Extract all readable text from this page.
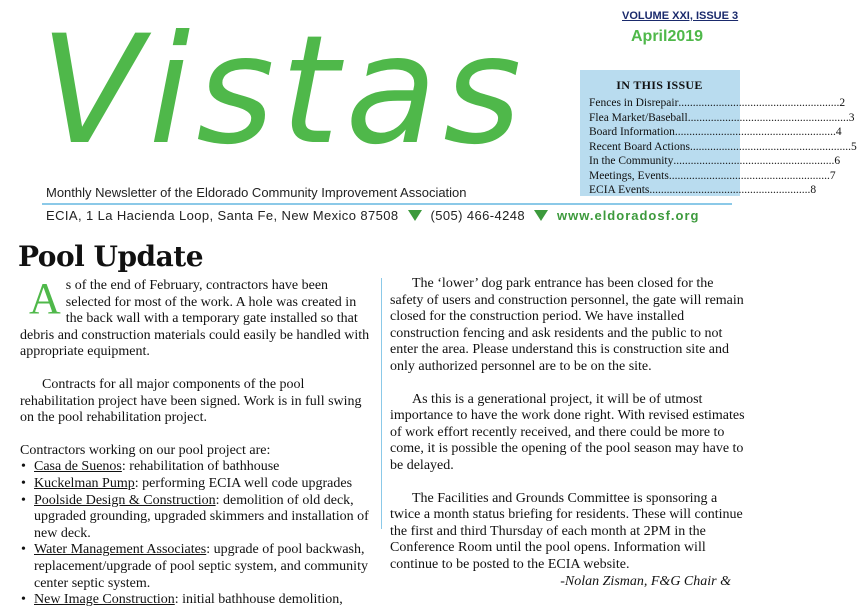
Vistas	VOLUME XXI, ISSUE 3
April2019
IN THIS ISSUE
Fences in Disrepair .....	2
Flea Market/Baseball .....	3
Board Information .....	4
Recent Board Actions .....	5
In the Community .....	6
Meetings, Events .....	7
ECIA Events .....	8
Monthly Newsletter of the Eldorado Community Improvement Association
ECIA, 1 La Hacienda Loop, Santa Fe, New Mexico 87508 (505) 466-4248 www.eldoradosf.org
Pool Update
As of the end of February, contractors have been selected for most of the work. A hole was created in the back wall with a temporary gate installed so that debris and construction materials could easily be handled with appropriate equipment.
Contracts for all major components of the pool rehabilitation project have been signed. Work is in full swing on the pool rehabilitation project.
Contractors working on our pool project are:
• Casa de Suenos: rehabilitation of bathhouse
• Kuckelman Pump: performing ECIA well code upgrades
• Poolside Design & Construction: demolition of old deck, upgraded grounding, upgraded skimmers and installation of new deck.
• Water Management Associates: upgrade of pool backwash, replacement/upgrade of pool septic system, and community center septic system.
• New Image Construction: initial bathhouse demolition,
The ‘lower’ dog park entrance has been closed for the safety of users and construction personnel, the gate will remain closed for the construction period. We have installed construction fencing and ask residents and the public to not enter the area. Please understand this is construction site and only authorized personnel are to be on the site.
As this is a generational project, it will be of utmost importance to have the work done right. With revised estimates of work effort recently received, and there could be more to come, it is possible the opening of the pool season may have to be delayed.
The Facilities and Grounds Committee is sponsoring a twice a month status briefing for residents. These will continue the first and third Thursday of each month at 2PM in the Conference Room until the pool opens. Information will continue to be posted to the ECIA website.
-Nolan Zisman, F&G Chair &
